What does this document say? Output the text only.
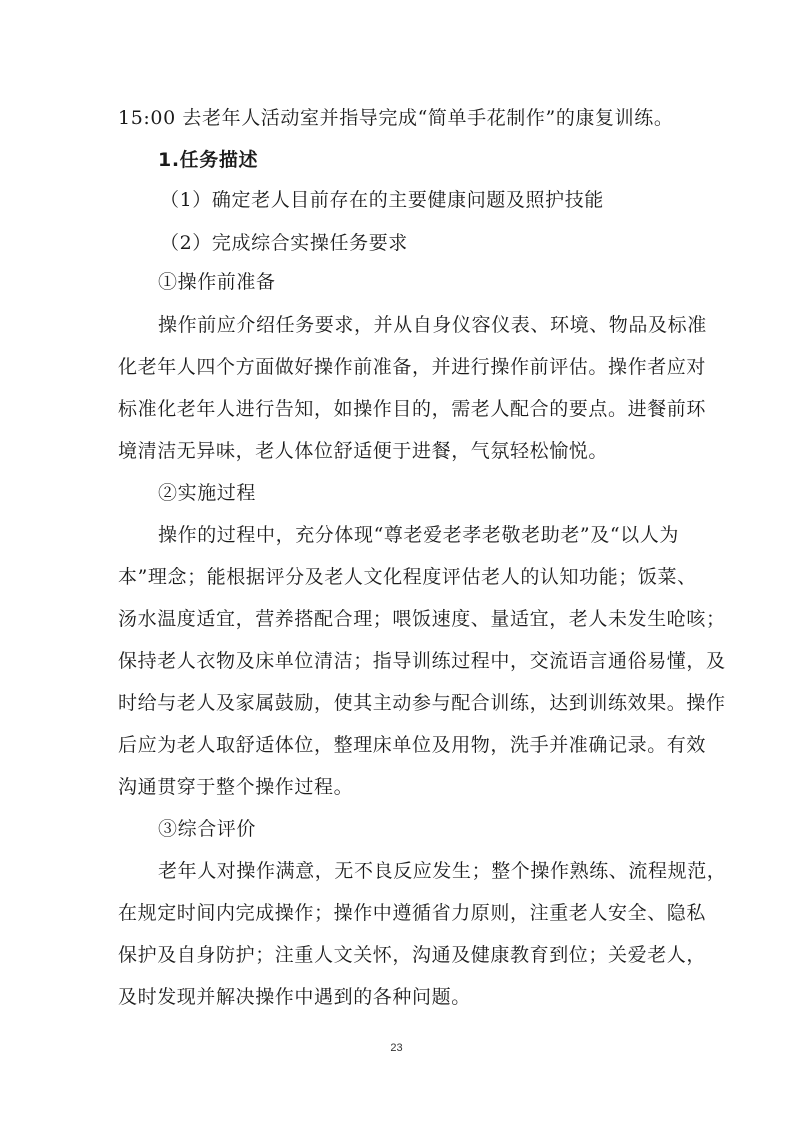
15:00 去老年人活动室并指导完成“简单手花制作”的康复训练。
1.任务描述
（1）确定老人目前存在的主要健康问题及照护技能
（2）完成综合实操任务要求
①操作前准备
操作前应介绍任务要求，并从自身仪容仪表、环境、物品及标准
化老年人四个方面做好操作前准备，并进行操作前评估。操作者应对
标准化老年人进行告知，如操作目的，需老人配合的要点。进餐前环
境清洁无异味，老人体位舒适便于进餐，气氛轻松愉悦。
②实施过程
操作的过程中，充分体现“尊老爱老孝老敬老助老”及“以人为
本”理念；能根据评分及老人文化程度评估老人的认知功能；饭菜、
汤水温度适宜，营养搭配合理；喂饭速度、量适宜，老人未发生呛咳；
保持老人衣物及床单位清洁；指导训练过程中，交流语言通俗易懂，及
时给与老人及家属鼓励，使其主动参与配合训练，达到训练效果。操作
后应为老人取舒适体位，整理床单位及用物，洗手并准确记录。有效
沟通贯穿于整个操作过程。
③综合评价
老年人对操作满意，无不良反应发生；整个操作熟练、流程规范，
在规定时间内完成操作；操作中遵循省力原则，注重老人安全、隐私
保护及自身防护；注重人文关怀，沟通及健康教育到位；关爱老人，
及时发现并解决操作中遇到的各种问题。
23
